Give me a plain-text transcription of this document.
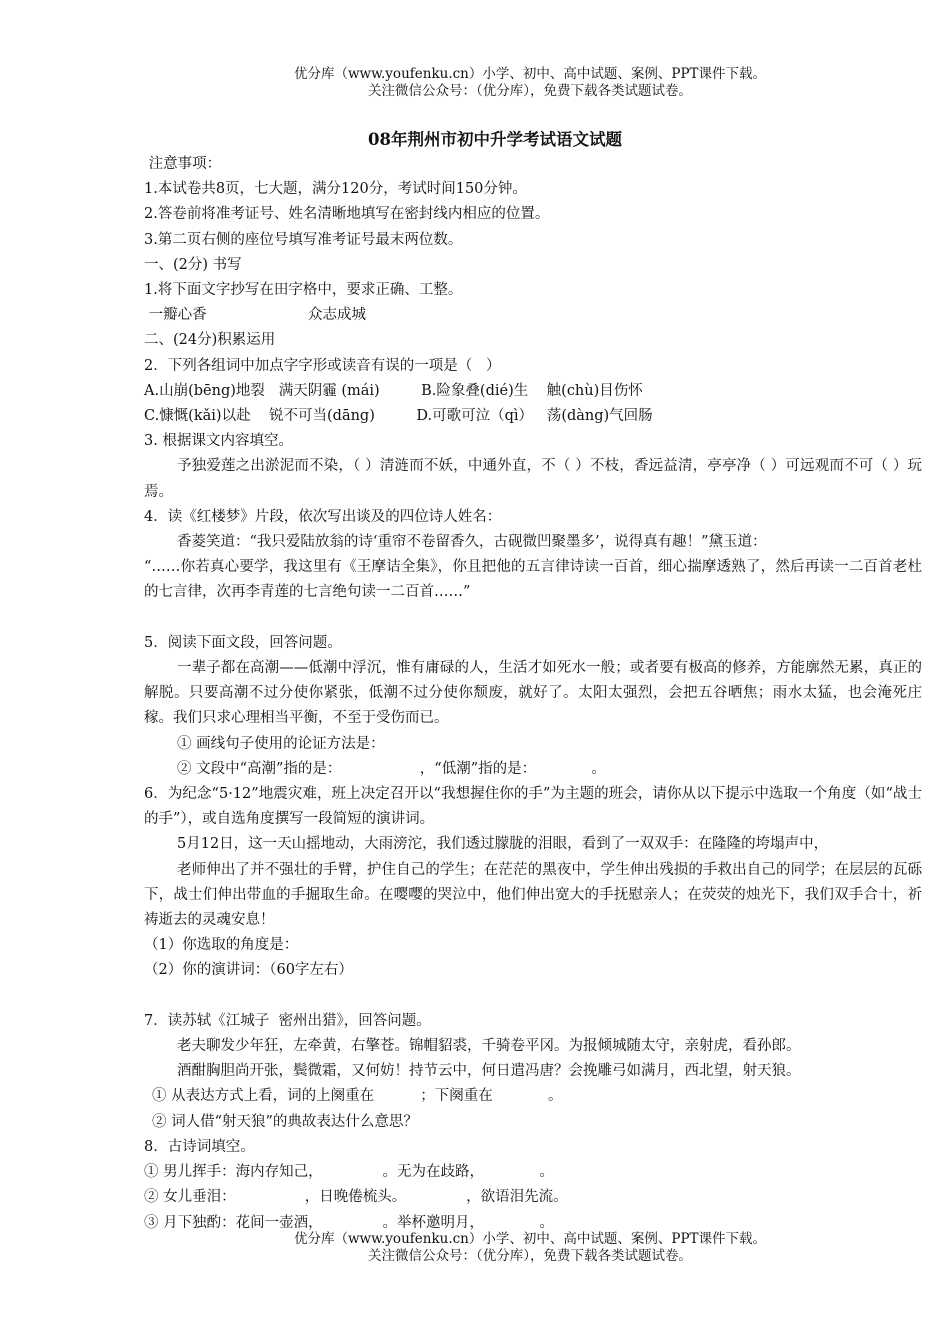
优分库（www.youfenku.cn）小学、初中、高中试题、案例、PPT课件下载。
关注微信公众号：（优分库），免费下载各类试题试卷。
08年荆州市初中升学考试语文试题
注意事项：
1.本试卷共8页，七大题，满分120分，考试时间150分钟。
2.答卷前将准考证号、姓名清晰地填写在密封线内相应的位置。
3.第二页右侧的座位号填写准考证号最末两位数。
一、(2分) 书写
1.将下面文字抄写在田字格中，要求正确、工整。
一瓣心香                      众志成城
二、(24分)积累运用
2．下列各组词中加点字字形或读音有误的一项是（   ）
A.山崩(bēng)地裂   满天阴霾 (mái)         B.险象叠(dié)生    触(chù)目伤怀
C.慷慨(kǎi)以赴    锐不可当(dāng)         D.可歌可泣（qì）   荡(dàng)气回肠
3. 根据课文内容填空。
予独爱莲之出淤泥而不染，（ ）清涟而不妖，中通外直，不（ ）不枝，香远益清，亭亭净（ ）可远观而不可（ ）玩焉。
4．读《红楼梦》片段，依次写出谈及的四位诗人姓名：
香菱笑道：“我只爱陆放翁的诗‘重帘不卷留香久，古砚微凹聚墨多’，说得真有趣！”黛玉道：
“……你若真心要学，我这里有《王摩诘全集》，你且把他的五言律诗读一百首，细心揣摩透熟了，然后再读一二百首老杜的七言律，次再李青莲的七言绝句读一二百首……”
5．阅读下面文段，回答问题。
一辈子都在高潮——低潮中浮沉，惟有庸碌的人，生活才如死水一般；或者要有极高的修养，方能廓然无累，真正的解脱。只要高潮不过分使你紧张，低潮不过分使你颓废，就好了。太阳太强烈，会把五谷晒焦；雨水太猛，也会淹死庄稼。我们只求心理相当平衡，不至于受伤而已。
① 画线句子使用的论证方法是：
② 文段中“高潮”指的是：                 ，“低潮”指的是：            。
6．为纪念“5·12”地震灾难，班上决定召开以“我想握住你的手”为主题的班会，请你从以下提示中选取一个角度（如“战士的手”），或自选角度撰写一段简短的演讲词。
5月12日，这一天山摇地动，大雨滂沱，我们透过朦胧的泪眼，看到了一双双手：在隆隆的垮塌声中，
老师伸出了并不强壮的手臂，护住自己的学生；在茫茫的黑夜中，学生伸出残损的手救出自己的同学；在层层的瓦砾下，战士们伸出带血的手掘取生命。在嘤嘤的哭泣中，他们伸出宽大的手抚慰亲人；在荧荧的烛光下，我们双手合十，祈祷逝去的灵魂安息！
（1）你选取的角度是：
（2）你的演讲词：（60字左右）
7．读苏轼《江城子  密州出猎》，回答问题。
老夫聊发少年狂，左牵黄，右擎苍。锦帽貂裘，千骑卷平冈。为报倾城随太守，亲射虎，看孙郎。
酒酣胸胆尚开张，鬓微霜，又何妨！持节云中，何日遣冯唐？会挽雕弓如满月，西北望，射天狼。
① 从表达方式上看，词的上阕重在          ；下阕重在            。
② 词人借“射天狼”的典故表达什么意思？
8．古诗词填空。
① 男儿挥手：海内存知己，             。无为在歧路，            。
② 女儿垂泪：               ，日晚倦梳头。             ，欲语泪先流。
③ 月下独酌：花间一壶酒，             。举杯邀明月，            。
优分库（www.youfenku.cn）小学、初中、高中试题、案例、PPT课件下载。
关注微信公众号：（优分库），免费下载各类试题试卷。
